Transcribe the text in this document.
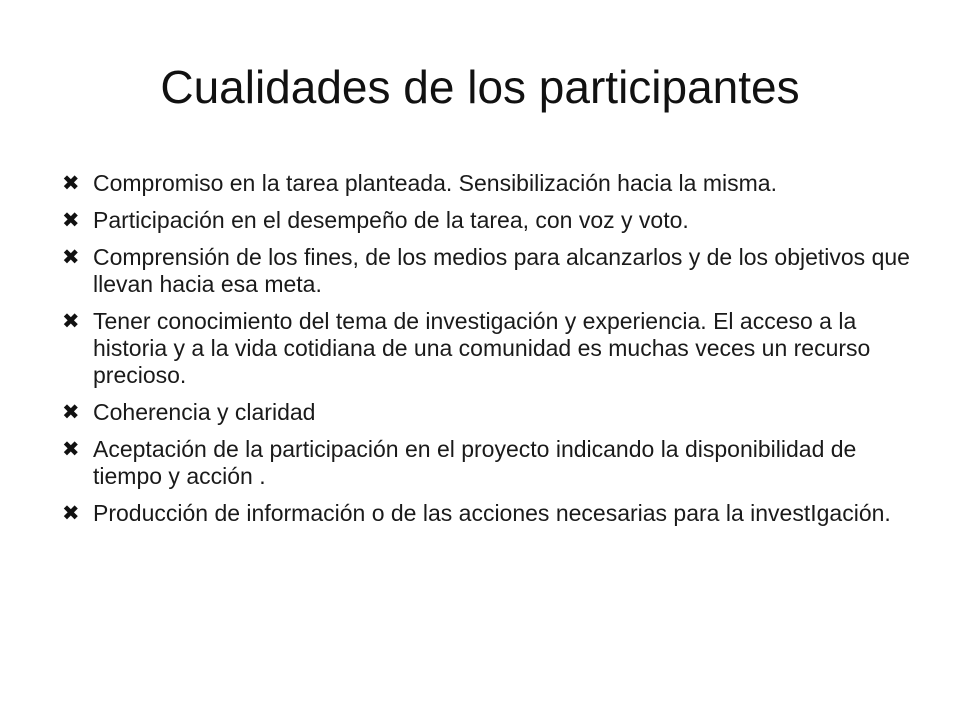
Cualidades de los participantes
✖ Compromiso en la tarea planteada. Sensibilización hacia la misma.
✖ Participación en el desempeño de la tarea, con voz y voto.
✖ Comprensión de los fines, de los medios para alcanzarlos y de los objetivos que llevan hacia esa meta.
✖ Tener conocimiento del tema de investigación y experiencia. El acceso a la historia y a la vida cotidiana de una comunidad es muchas veces un recurso precioso.
✖ Coherencia y claridad
✖ Aceptación de la participación en el proyecto indicando la disponibilidad de tiempo y acción .
✖ Producción de información o de las acciones necesarias para la investIgación.
